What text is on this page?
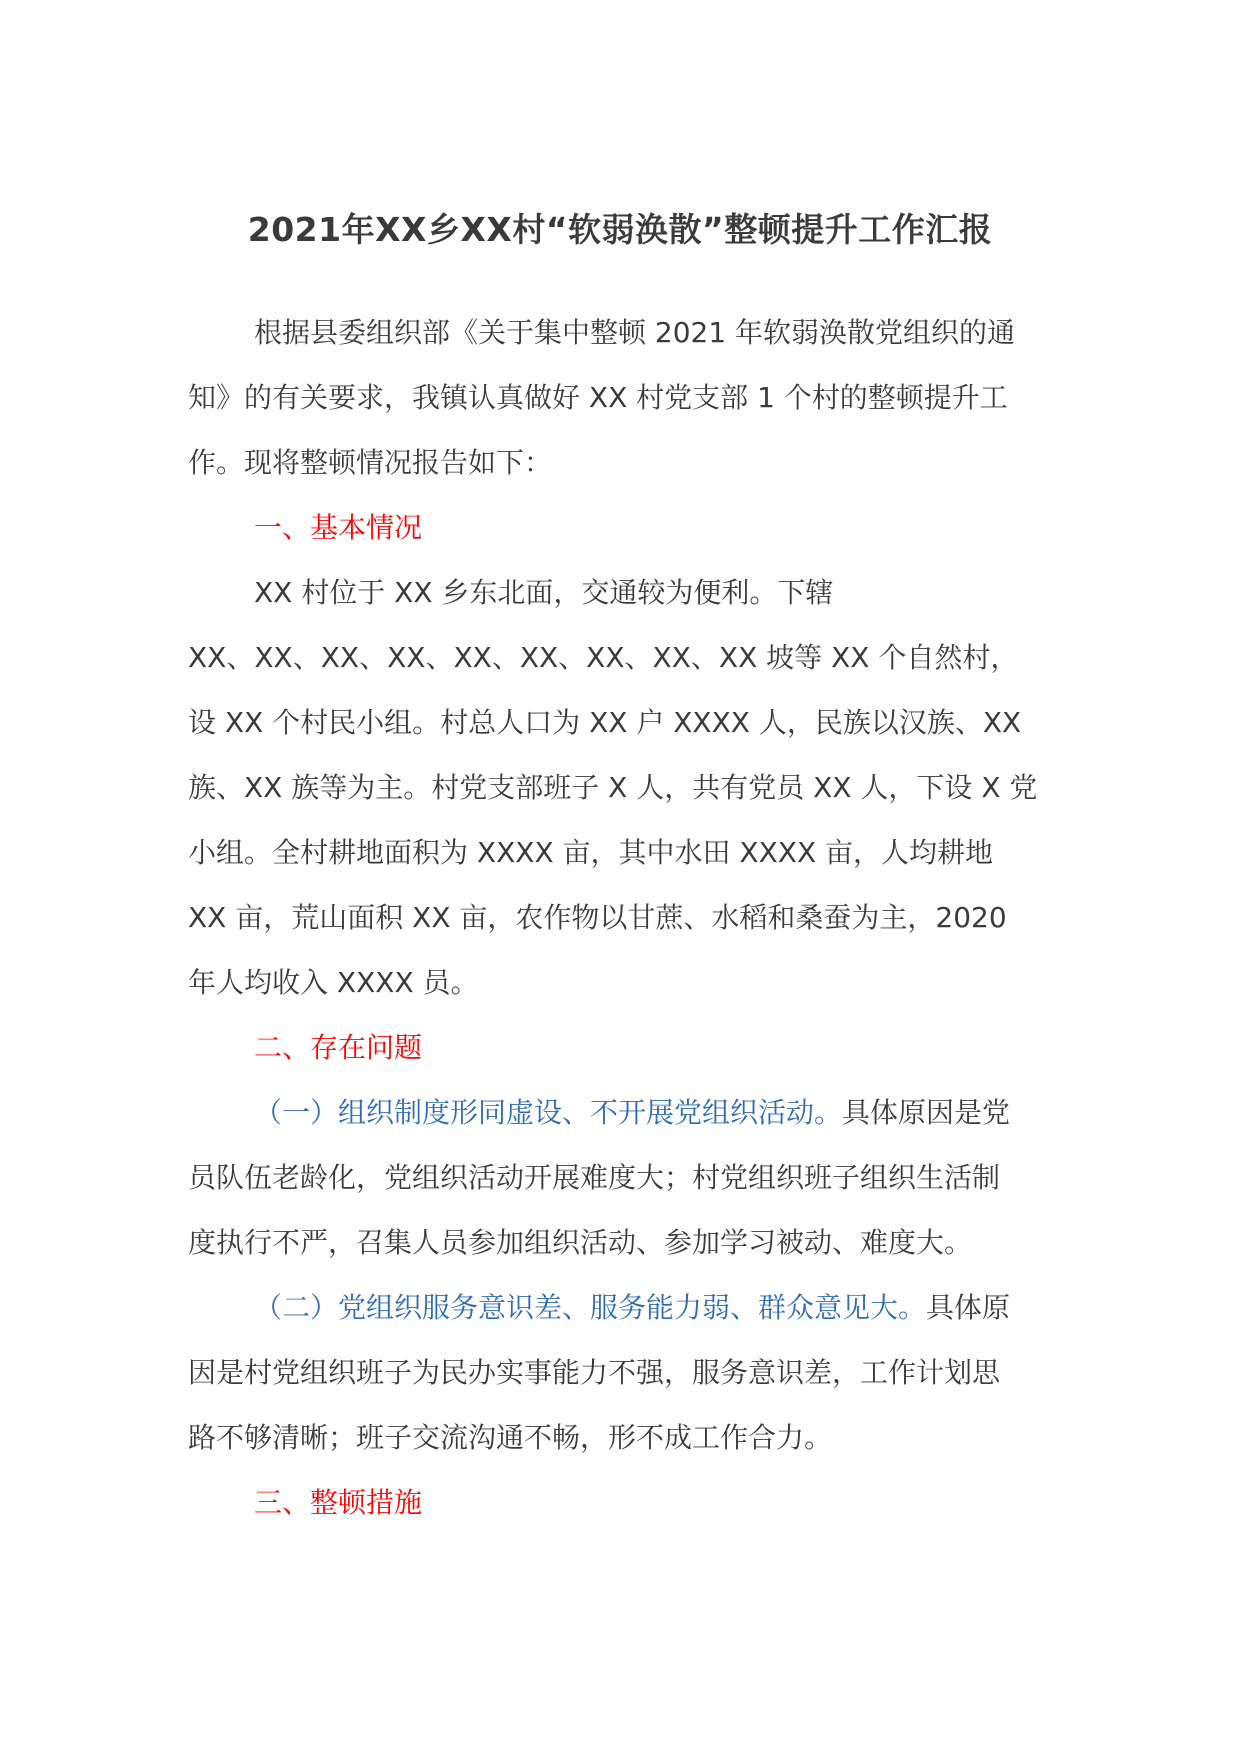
2021年XX乡XX村“软弱涣散”整顿提升工作汇报
根据县委组织部《关于集中整顿 2021 年软弱涣散党组织的通
知》的有关要求，我镇认真做好 XX 村党支部 1 个村的整顿提升工
作。现将整顿情况报告如下：
一、基本情况
XX 村位于 XX 乡东北面，交通较为便利。下辖
XX、XX、XX、XX、XX、XX、XX、XX、XX 坡等 XX 个自然村，
设 XX 个村民小组。村总人口为 XX 户 XXXX 人，民族以汉族、XX
族、XX 族等为主。村党支部班子 X 人，共有党员 XX 人，下设 X 党
小组。全村耕地面积为 XXXX 亩，其中水田 XXXX 亩，人均耕地
XX 亩，荒山面积 XX 亩，农作物以甘蔗、水稻和桑蚕为主，2020
年人均收入 XXXX 员。
二、存在问题
（一）组织制度形同虚设、不开展党组织活动。具体原因是党
员队伍老龄化，党组织活动开展难度大；村党组织班子组织生活制
度执行不严，召集人员参加组织活动、参加学习被动、难度大。
（二）党组织服务意识差、服务能力弱、群众意见大。具体原
因是村党组织班子为民办实事能力不强，服务意识差，工作计划思
路不够清晰；班子交流沟通不畅，形不成工作合力。
三、整顿措施
